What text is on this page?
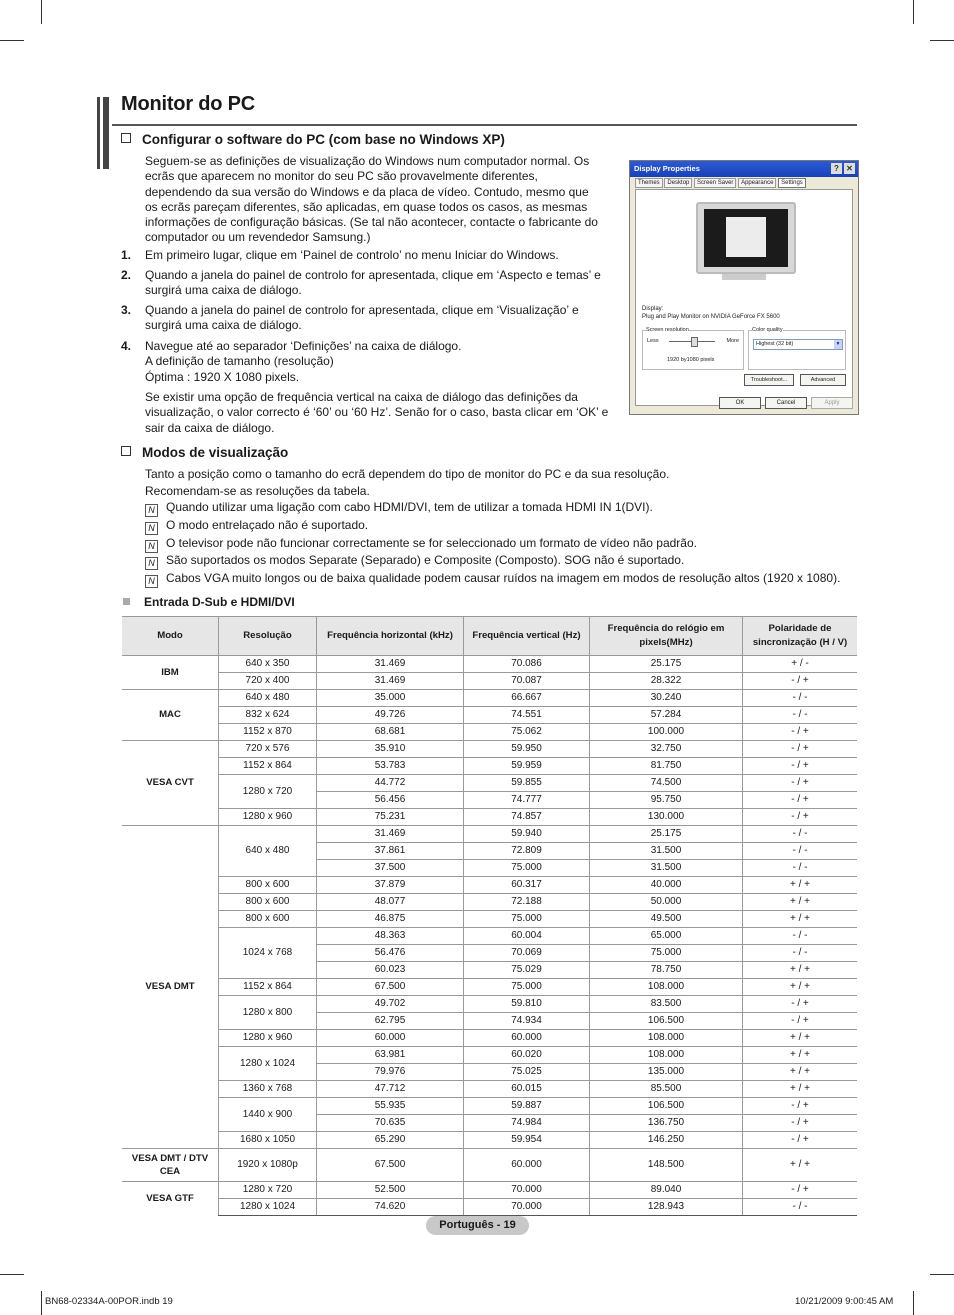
Monitor do PC
Configurar o software do PC (com base no Windows XP)
Seguem-se as definições de visualização do Windows num computador normal. Os ecrãs que aparecem no monitor do seu PC são provavelmente diferentes, dependendo da sua versão do Windows e da placa de vídeo. Contudo, mesmo que os ecrãs pareçam diferentes, são aplicadas, em quase todos os casos, as mesmas informações de configuração básicas. (Se tal não acontecer, contacte o fabricante do computador ou um revendedor Samsung.)
1. Em primeiro lugar, clique em ‘Painel de controlo’ no menu Iniciar do Windows.
2. Quando a janela do painel de controlo for apresentada, clique em ‘Aspecto e temas’ e surgirá uma caixa de diálogo.
3. Quando a janela do painel de controlo for apresentada, clique em ‘Visualização’ e surgirá uma caixa de diálogo.
4. Navegue até ao separador ‘Definições’ na caixa de diálogo.
A definição de tamanho (resolução)
Óptima : 1920 X 1080 pixels.
Se existir uma opção de frequência vertical na caixa de diálogo das definições da visualização, o valor correcto é ‘60’ ou ‘60 Hz’. Senão for o caso, basta clicar em ‘OK’ e sair da caixa de diálogo.
Display Properties	? ✕
Themes Desktop Screen Saver Appearance Settings
Display:
Plug and Play Monitor on NVIDIA GeForce FX 5600
Screen resolution
Less	More
1920 by1080 pixels
Color quality
Highest (32 bit)	▾
Troubleshoot...	Advanced
OK	Cancel	Apply
Modos de visualização
Tanto a posição como o tamanho do ecrã dependem do tipo de monitor do PC e da sua resolução.
Recomendam-se as resoluções da tabela.
N Quando utilizar uma ligação com cabo HDMI/DVI, tem de utilizar a tomada HDMI IN 1(DVI).
N O modo entrelaçado não é suportado.
N O televisor pode não funcionar correctamente se for seleccionado um formato de vídeo não padrão.
N São suportados os modos Separate (Separado) e Composite (Composto). SOG não é suportado.
N Cabos VGA muito longos ou de baixa qualidade podem causar ruídos na imagem em modos de resolução altos (1920 x 1080).
Entrada D-Sub e HDMI/DVI
Modo	Resolução	Frequência horizontal (kHz)	Frequência vertical (Hz)	Frequência do relógio em pixels(MHz)	Polaridade de sincronização (H / V)
IBM	640 x 350	31.469	70.086	25.175	+ / -
	720 x 400	31.469	70.087	28.322	- / +
MAC	640 x 480	35.000	66.667	30.240	- / -
	832 x 624	49.726	74.551	57.284	- / -
	1152 x 870	68.681	75.062	100.000	- / +
VESA CVT	720 x 576	35.910	59.950	32.750	- / +
	1152 x 864	53.783	59.959	81.750	- / +
	1280 x 720	44.772	59.855	74.500	- / +
		56.456	74.777	95.750	- / +
	1280 x 960	75.231	74.857	130.000	- / +
VESA DMT	640 x 480	31.469	59.940	25.175	- / -
		37.861	72.809	31.500	- / -
		37.500	75.000	31.500	- / -
	800 x 600	37.879	60.317	40.000	+ / +
	800 x 600	48.077	72.188	50.000	+ / +
	800 x 600	46.875	75.000	49.500	+ / +
	1024 x 768	48.363	60.004	65.000	- / -
		56.476	70.069	75.000	- / -
		60.023	75.029	78.750	+ / +
	1152 x 864	67.500	75.000	108.000	+ / +
	1280 x 800	49.702	59.810	83.500	- / +
		62.795	74.934	106.500	- / +
	1280 x 960	60.000	60.000	108.000	+ / +
	1280 x 1024	63.981	60.020	108.000	+ / +
		79.976	75.025	135.000	+ / +
	1360 x 768	47.712	60.015	85.500	+ / +
	1440 x 900	55.935	59.887	106.500	- / +
		70.635	74.984	136.750	- / +
	1680 x 1050	65.290	59.954	146.250	- / +
VESA DMT / DTV CEA	1920 x 1080p	67.500	60.000	148.500	+ / +
VESA GTF	1280 x 720	52.500	70.000	89.040	- / +
	1280 x 1024	74.620	70.000	128.943	- / -
Português - 19
BN68-02334A-00POR.indb 19	10/21/2009 9:00:45 AM
